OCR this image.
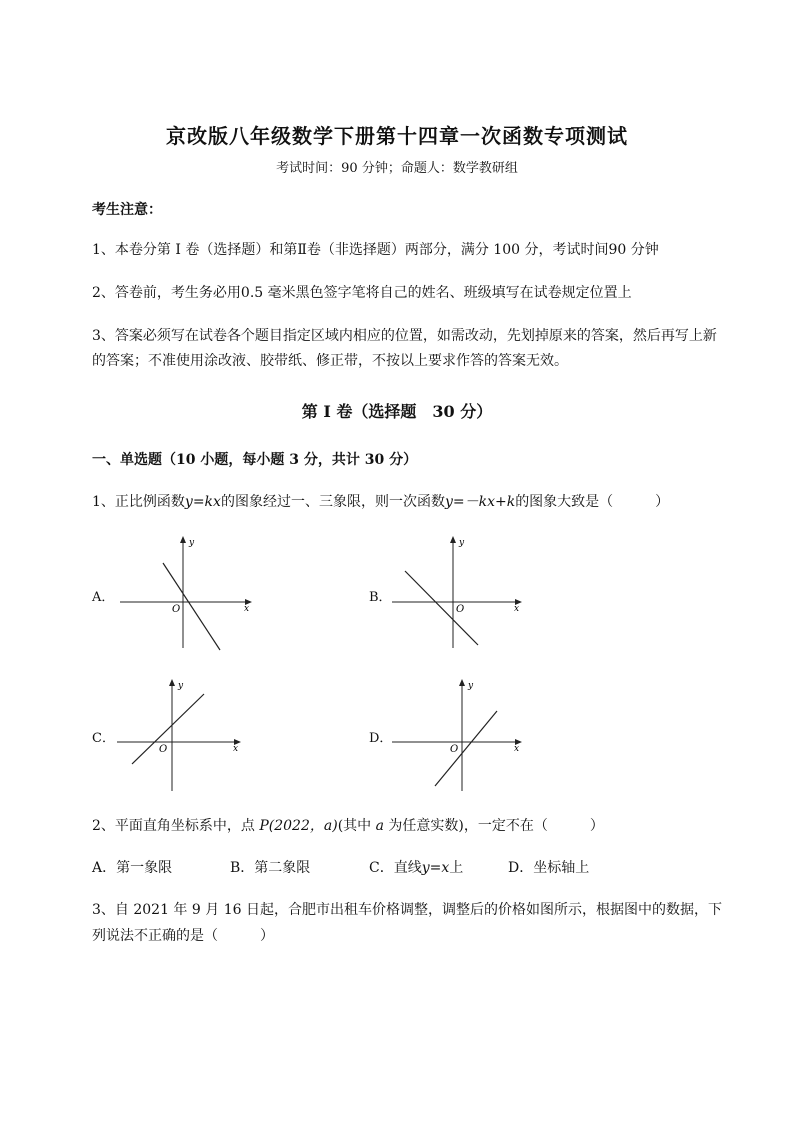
京改版八年级数学下册第十四章一次函数专项测试
考试时间：90 分钟；命题人：数学教研组
考生注意：
1、本卷分第 I 卷（选择题）和第Ⅱ卷（非选择题）两部分，满分 100 分，考试时间90 分钟
2、答卷前，考生务必用0.5 毫米黑色签字笔将自己的姓名、班级填写在试卷规定位置上
3、答案必须写在试卷各个题目指定区域内相应的位置，如需改动，先划掉原来的答案，然后再写上新
的答案；不准使用涂改液、胶带纸、修正带，不按以上要求作答的答案无效。
第 I 卷（选择题　30 分）
一、单选题（10 小题，每小题 3 分，共计 30 分）
1、正比例函数y=kx的图象经过一、三象限，则一次函数y=－kx+k的图象大致是（　　　）
A．
y
x
O
B．
y
x
O
C．
y
x
O
D．
y
x
O
2、平面直角坐标系中，点 P(2022，a)(其中 a 为任意实数)，一定不在（　　　）
A．第一象限	B．第二象限	C．直线y=x上	D．坐标轴上
3、自 2021 年 9 月 16 日起，合肥市出租车价格调整，调整后的价格如图所示，根据图中的数据，下
列说法不正确的是（　　　）
